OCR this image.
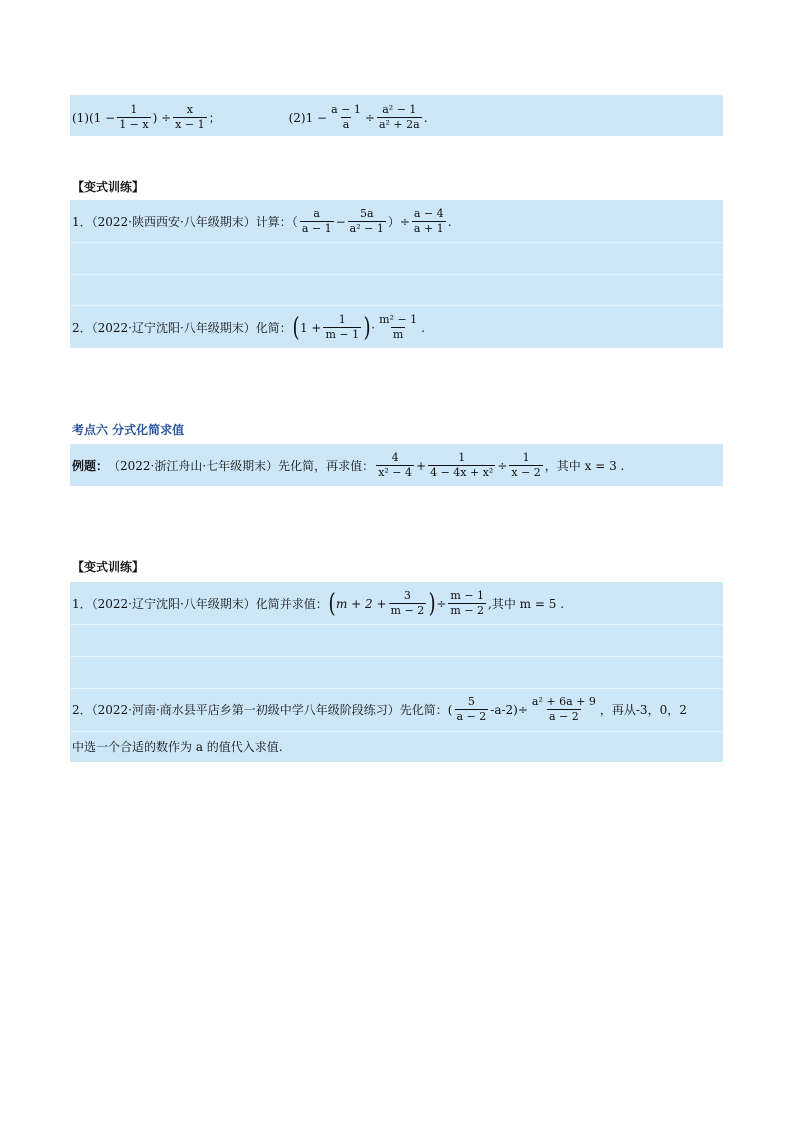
$(1)(1 - \frac{1}{1 - x}$ ) ÷ $\frac{x}{x - 1}$ ；	$(2)1 - \frac{a - 1}{a} \div \frac{\text{a² − 1}}{\text{a² + 2a}}$ .
【变式训练】
1．（2022·陕西西安·八年级期末）计算：（ $\frac{a}{a - 1} - \frac{5a}{\text{a² − 1}}$ ）÷ $\frac{a - 4}{a + 1}$ .
2．（2022·辽宁沈阳·八年级期末）化简： ( $1 + \frac{1}{m - 1}$ ) · $\frac{\text{m² − 1}}{m}$ .
考点六 分式化简求值
例题： （2022·浙江舟山·七年级期末）先化简，再求值： $\frac{4}{\text{x² − 4}} + \frac{1}{\text{4 − 4x + x²}} \div \frac{1}{x - 2}$ ，其中 x = 3 .
【变式训练】
1．（2022·辽宁沈阳·八年级期末）化简并求值： ( $m + 2 + \frac{3}{m - 2}$ ) ÷ $\frac{m - 1}{m - 2}$ ,其中 m = 5 .
2．（2022·河南·商水县平店乡第一初级中学八年级阶段练习）先化简：( $\frac{5}{a - 2} -a-2)\div \frac{\text{a² + 6a + 9}}{a - 2}$ ，再从-3，0，2
中选一个合适的数作为 a 的值代入求值.
